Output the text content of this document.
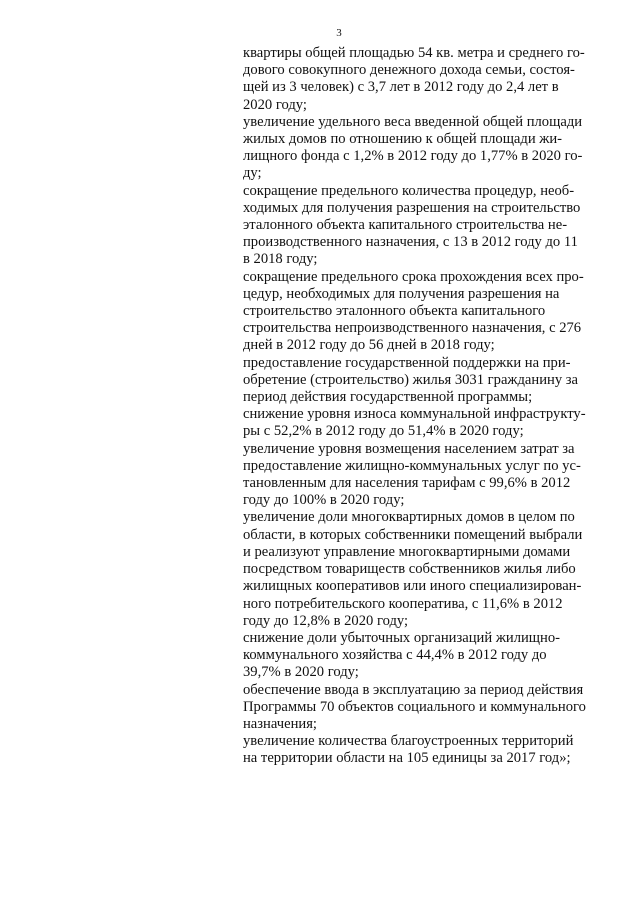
3
квартиры общей площадью 54 кв. метра и среднего го-
дового совокупного денежного дохода семьи, состоя-
щей из 3 человек) с 3,7 лет в 2012 году до 2,4 лет в
2020 году;
увеличение удельного веса введенной общей площади
жилых домов по отношению к общей площади жи-
лищного фонда с 1,2% в 2012 году до 1,77% в 2020 го-
ду;
сокращение предельного количества процедур, необ-
ходимых для получения разрешения на строительство
эталонного объекта капитального строительства не-
производственного назначения, с 13 в 2012 году до 11
в 2018 году;
сокращение предельного срока прохождения всех про-
цедур, необходимых для получения разрешения на
строительство эталонного объекта капитального
строительства непроизводственного назначения, с 276
дней в 2012 году до 56 дней в 2018 году;
предоставление государственной поддержки на при-
обретение (строительство) жилья 3031 гражданину за
период действия государственной программы;
снижение уровня износа коммунальной инфраструкту-
ры с 52,2% в 2012 году до 51,4% в 2020 году;
увеличение уровня возмещения населением затрат за
предоставление жилищно-коммунальных услуг по ус-
тановленным для населения тарифам с 99,6% в 2012
году до 100% в 2020 году;
увеличение доли многоквартирных домов в целом по
области, в которых собственники помещений выбрали
и реализуют управление многоквартирными домами
посредством товариществ собственников жилья либо
жилищных кооперативов или иного специализирован-
ного потребительского кооператива, с 11,6% в 2012
году до 12,8% в 2020 году;
снижение доли убыточных организаций жилищно-
коммунального хозяйства с 44,4% в 2012 году до
39,7% в 2020 году;
обеспечение ввода в эксплуатацию за период действия
Программы 70 объектов социального и коммунального
назначения;
увеличение количества благоустроенных территорий
на территории области на 105 единицы за 2017 год»;
